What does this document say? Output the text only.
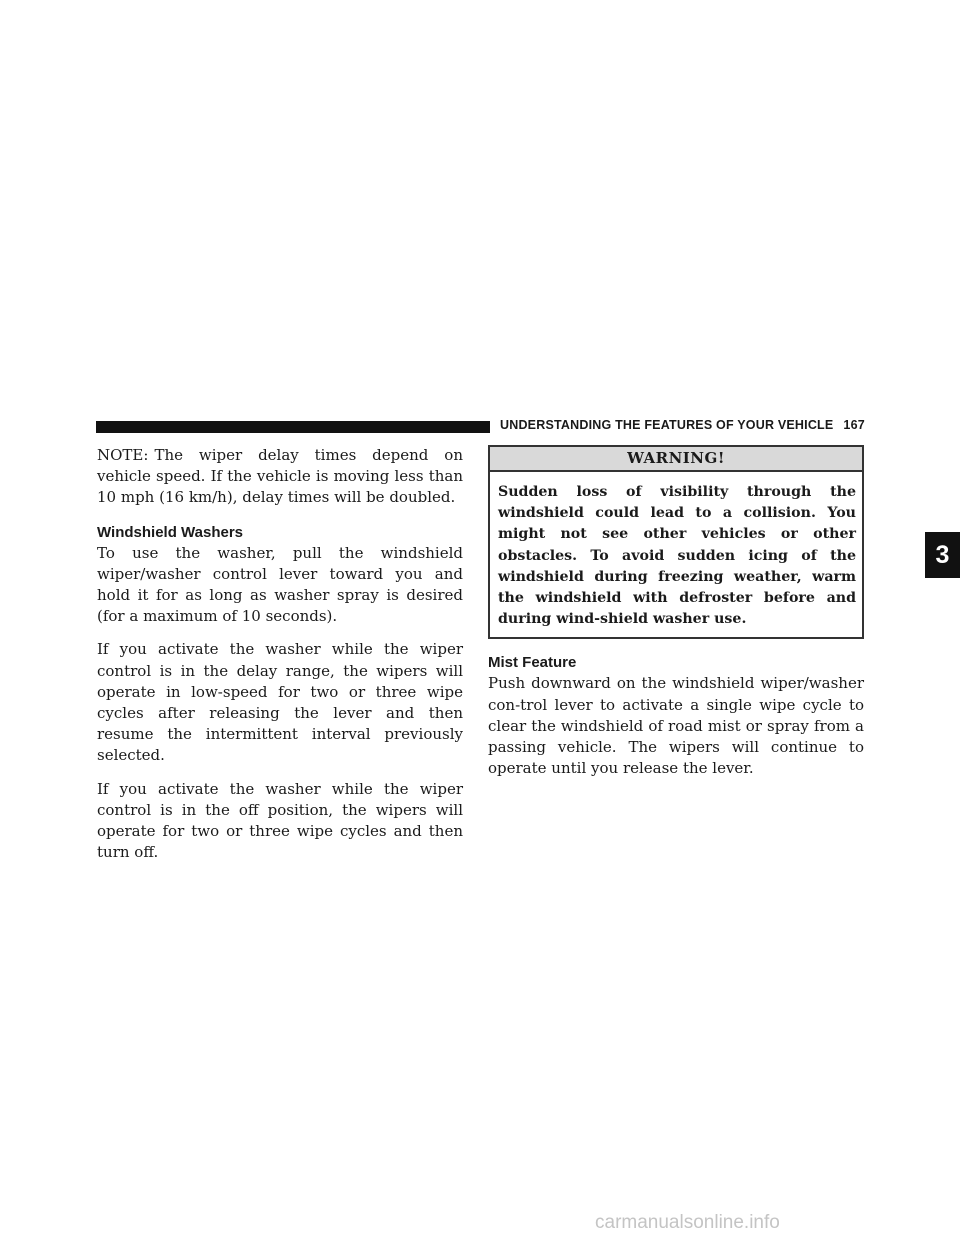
UNDERSTANDING THE FEATURES OF YOUR VEHICLE 167

NOTE: The wiper delay times depend on vehicle speed. If the vehicle is moving less than 10 mph (16 km/h), delay times will be doubled.

Windshield Washers

To use the washer, pull the windshield wiper/washer control lever toward you and hold it for as long as washer spray is desired (for a maximum of 10 seconds).

If you activate the washer while the wiper control is in the delay range, the wipers will operate in low-speed for two or three wipe cycles after releasing the lever and then resume the intermittent interval previously selected.

If you activate the washer while the wiper control is in the off position, the wipers will operate for two or three wipe cycles and then turn off.

WARNING!
Sudden loss of visibility through the windshield could lead to a collision. You might not see other vehicles or other obstacles. To avoid sudden icing of the windshield during freezing weather, warm the windshield with defroster before and during wind-shield washer use.
Mist Feature

Push downward on the windshield wiper/washer con-trol lever to activate a single wipe cycle to clear the windshield of road mist or spray from a passing vehicle. The wipers will continue to operate until you release the lever.

3
carmanualsonline.info
